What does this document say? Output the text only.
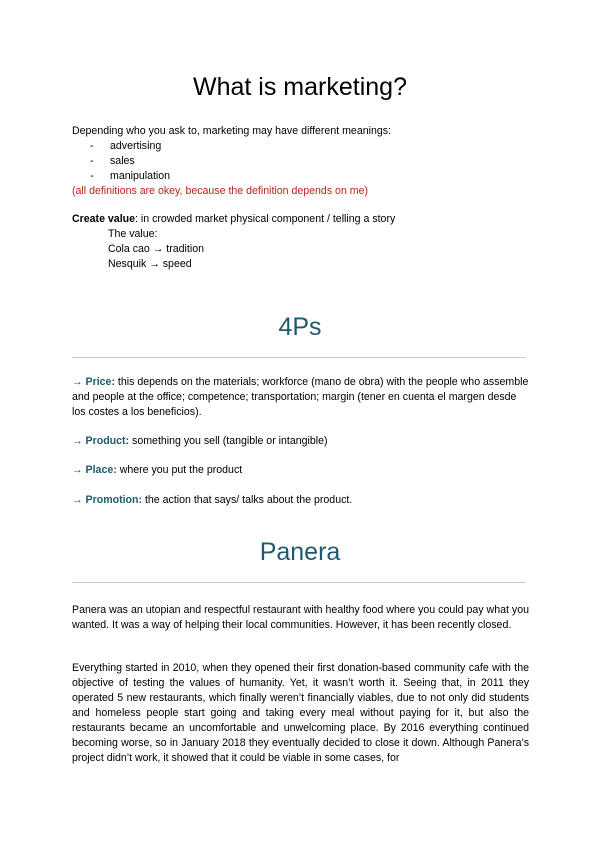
What is marketing?
Depending who you ask to, marketing may have different meanings:
- advertising
- sales
- manipulation
(all definitions are okey, because the definition depends on me)
Create value: in crowded market physical component / telling a story
The value:
Cola cao → tradition
Nesquik → speed
4Ps
→ Price: this depends on the materials; workforce (mano de obra) with the people who assemble and people at the office; competence; transportation; margin (tener en cuenta el margen desde los costes a los beneficios).
→ Product: something you sell (tangible or intangible)
→ Place: where you put the product
→ Promotion: the action that says/ talks about the product.
Panera
Panera was an utopian and respectful restaurant with healthy food where you could pay what you wanted. It was a way of helping their local communities. However, it has been recently closed.
Everything started in 2010, when they opened their first donation-based community cafe with the objective of testing the values of humanity. Yet, it wasn’t worth it. Seeing that, in 2011 they operated 5 new restaurants, which finally weren’t financially viables, due to not only did students and homeless people start going and taking every meal without paying for it, but also the restaurants became an uncomfortable and unwelcoming place. By 2016 everything continued becoming worse, so in January 2018 they eventually decided to close it down. Although Panera’s project didn’t work, it showed that it could be viable in some cases, for
